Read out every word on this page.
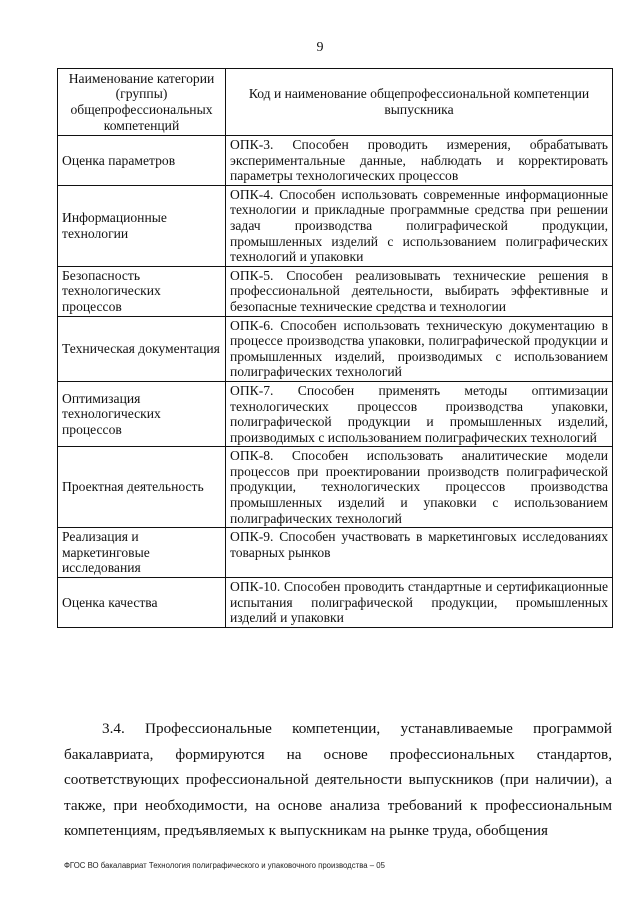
9
Наименование категории (группы) общепрофессиональных компетенций	Код и наименование общепрофессиональной компетенции выпускника
Оценка параметров	ОПК-3. Способен проводить измерения, обрабатывать экспериментальные данные, наблюдать и корректировать параметры технологических процессов
Информационные технологии	ОПК-4. Способен использовать современные информационные технологии и прикладные программные средства при решении задач производства полиграфической продукции, промышленных изделий с использованием полиграфических технологий и упаковки
Безопасность технологических процессов	ОПК-5. Способен реализовывать технические решения в профессиональной деятельности, выбирать эффективные и безопасные технические средства и технологии
Техническая документация	ОПК-6. Способен использовать техническую документацию в процессе производства упаковки, полиграфической продукции и промышленных изделий, производимых с использованием полиграфических технологий
Оптимизация технологических процессов	ОПК-7. Способен применять методы оптимизации технологических процессов производства упаковки, полиграфической продукции и промышленных изделий, производимых с использованием полиграфических технологий
Проектная деятельность	ОПК-8. Способен использовать аналитические модели процессов при проектировании производств полиграфической продукции, технологических процессов производства промышленных изделий и упаковки с использованием полиграфических технологий
Реализация и маркетинговые исследования	ОПК-9. Способен участвовать в маркетинговых исследованиях товарных рынков
Оценка качества	ОПК-10. Способен проводить стандартные и сертификационные испытания полиграфической продукции, промышленных изделий и упаковки

3.4. Профессиональные компетенции, устанавливаемые программой бакалавриата, формируются на основе профессиональных стандартов, соответствующих профессиональной деятельности выпускников (при наличии), а также, при необходимости, на основе анализа требований к профессиональным компетенциям, предъявляемых к выпускникам на рынке труда, обобщения

ФГОС ВО бакалавриат Технология полиграфического и упаковочного производства – 05
